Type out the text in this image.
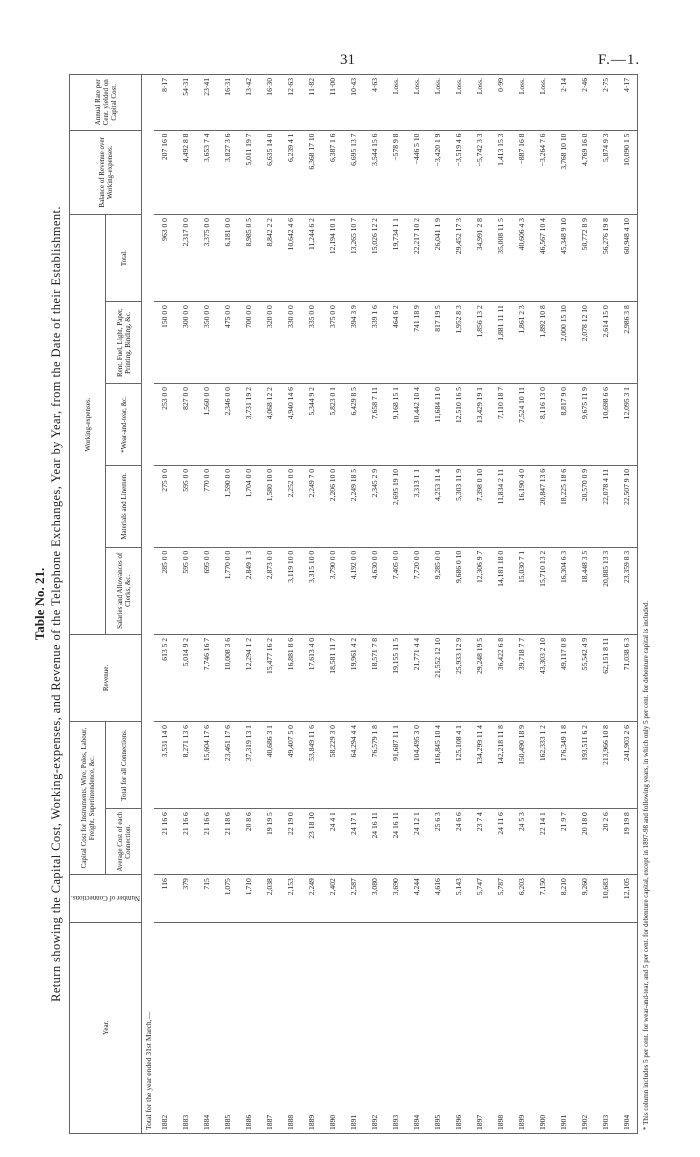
31	F.—1.
Table No. 21. Return showing the Capital Cost, Working-expenses, and Revenue of the Telephone Exchanges, Year by Year, from the Date of their Establishment.
Year.	Number of Connections.	Capital Cost for Instruments, Wire, Poles, Labour, Freight, Superintendence, &c.		Revenue.	Working-expenses.					Balance of Revenue over Working-expenses.	Annual Rate per Cent. yielded on Capital Cost.
		Average Cost of each Connection.	Total for all Connections.		Salaries and Allowances of Clerks, &c.	Materials and Linemen.	*Wear-and-tear, &c.	Rent, Fuel, Light, Paper, Printing, Binding, &c.	Total.		
Total for the year ended 31st March,—											
1882	116	21 16 6	3,531 14 0	613 5 2	285 0 0	275 0 0	253 0 0	150 0 0	963 0 0	207 16 0	8·17
1883	379	21 16 6	8,271 13 6	5,014 9 2	595 0 0	595 0 0	827 0 0	300 0 0	2,317 0 0	4,492 8 8	54·31
1884	715	21 16 6	15,604 17 6	7,746 16 7	695 0 0	770 0 0	1,560 0 0	350 0 0	3,375 0 0	3,653 7 4	23·41
1885	1,075	21 18 6	23,461 17 6	10,008 3 6	1,770 0 0	1,590 0 0	2,346 0 0	475 0 0	6,181 0 0	3,827 3 6	16·31
1886	1,710	20 8 6	37,319 13 1	12,294 1 2	2,849 1 3	1,704 0 0	3,731 19 2	700 0 0	8,985 0 5	5,011 19 7	13·42
1887	2,038	19 19 5	40,686 3 1	15,477 16 2	2,873 0 0	1,580 10 0	4,068 12 2	320 0 0	8,842 2 2	6,635 14 0	16·30
1888	2,153	22 19 0	49,407 5 0	16,881 8 6	3,119 10 0	2,252 0 0	4,940 14 6	330 0 0	10,642 4 6	6,239 4 1	12·63
1889	2,249	23 18 10	53,849 11 6	17,613 4 0	3,315 10 0	2,249 7 0	5,344 9 2	335 0 0	11,244 6 2	6,368 17 10	11·82
1890	2,402	24 4 1	58,229 3 0	18,581 11 7	3,790 0 0	2,206 10 0	5,823 0 1	375 0 0	12,194 10 1	6,387 1 6	11·00
1891	2,587	24 17 1	64,294 4 4	19,961 4 2	4,192 0 0	2,249 18 5	6,429 8 5	394 3 9	13,265 10 7	6,695 13 7	10·43
1892	3,080	24 16 11	76,579 1 8	18,571 7 8	4,630 0 0	2,345 2 9	7,658 7 11	339 1 6	15,026 12 2	3,544 15 6	4·63
1893	3,690	24 16 11	91,687 11 1	19,155 11 5	7,405 0 0	2,695 19 10	9,168 15 1	464 6 2	19,734 1 1	−578 9 8	Loss.
1894	4,244	24 12 1	104,495 3 0	21,771 4 4	7,720 0 0	3,313 1 1	10,442 10 4	741 18 9	22,217 10 2	−446 5 10	Loss.
1895	4,616	25 6 3	116,845 10 4	21,552 12 10	9,285 0 0	4,253 11 4	11,684 11 0	817 19 5	26,041 1 9	−3,420 1 9	Loss.
1896	5,143	24 6 6	125,108 4 1	25,933 12 9	9,686 0 10	5,303 11 9	12,510 16 5	1,952 8 3	29,452 17 3	−3,519 4 6	Loss.
1897	5,747	23 7 4	134,299 11 4	29,248 19 5	12,306 9 7	7,398 0 10	13,429 19 1	1,856 13 2	34,991 2 8	−5,742 3 3	Loss.
1898	5,787	24 11 6	142,218 11 8	36,422 6 8	14,181 18 0	11,834 2 11	7,110 18 7	1,881 11 11	35,008 11 5	1,413 15 3	0·99
1899	6,203	24 5 3	150,490 18 9	39,718 7 7	15,030 7 1	16,190 4 0	7,524 10 11	1,861 2 3	40,606 4 3	−887 16 8	Loss.
1900	7,150	22 14 1	162,333 1 2	43,303 2 10	15,710 13 2	20,847 13 6	8,116 13 0	1,892 10 8	46,567 10 4	−3,264 7 6	Loss.
1901	8,210	21 9 7	176,349 1 8	49,117 0 8	16,304 6 3	18,225 18 6	8,817 9 0	2,000 15 10	45,348 9 10	3,768 10 10	2·14
1902	9,260	20 18 0	193,511 6 2	55,542 4 9	18,448 3 5	20,570 0 9	9,675 11 9	2,078 12 10	50,772 8 9	4,769 16 0	2·46
1903	10,683	20 2 6	213,966 10 8	62,151 8 11	20,885 13 3	22,078 4 11	10,698 6 6	2,614 15 0	56,276 19 8	5,874 9 3	2·75
1904	12,105	19 19 8	241,903 2 6	71,038 6 3	23,359 8 3	22,507 9 10	12,095 3 1	2,986 3 8	60,948 4 10	10,090 1 5	4·17
* This column includes 5 per cent. for wear-and-tear, and 5 per cent. for debenture capital, except in 1897-98 and following years, in which only 5 per cent. for debenture capital is included.
